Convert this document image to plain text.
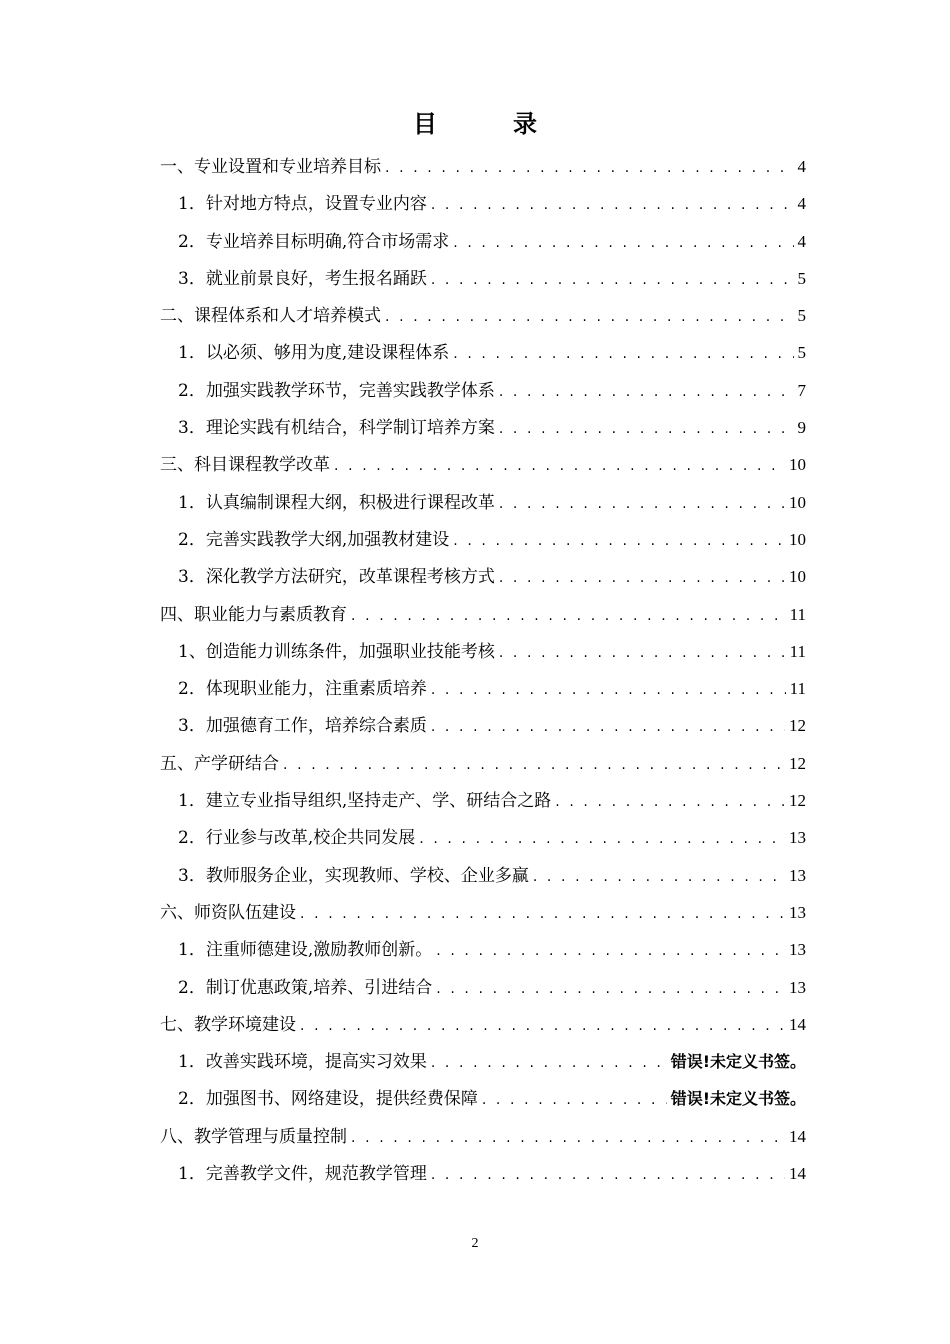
目　录
一、专业设置和专业培养目标 . . .	4
1．针对地方特点，设置专业内容 . . .	4
2．专业培养目标明确,符合市场需求 . . .	4
3．就业前景良好，考生报名踊跃 . . .	5
二、课程体系和人才培养模式 . . .	5
1．以必须、够用为度,建设课程体系 . . .	5
2．加强实践教学环节，完善实践教学体系 . . .	7
3．理论实践有机结合，科学制订培养方案 . . .	9
三、科目课程教学改革 . . .	10
1．认真编制课程大纲，积极进行课程改革 . . .	10
2．完善实践教学大纲,加强教材建设 . . .	10
3．深化教学方法研究，改革课程考核方式 . . .	10
四、职业能力与素质教育 . . .	11
1、创造能力训练条件，加强职业技能考核 . . .	11
2．体现职业能力，注重素质培养 . . .	11
3．加强德育工作，培养综合素质 . . .	12
五、产学研结合 . . .	12
1．建立专业指导组织,坚持走产、学、研结合之路 . . .	12
2．行业参与改革,校企共同发展 . . .	13
3．教师服务企业，实现教师、学校、企业多赢 . . .	13
六、师资队伍建设 . . .	13
1．注重师德建设,激励教师创新。 . . .	13
2．制订优惠政策,培养、引进结合 . . .	13
七、教学环境建设 . . .	14
1．改善实践环境，提高实习效果 . . .	错误!未定义书签。
2．加强图书、网络建设，提供经费保障 . . .	错误!未定义书签。
八、教学管理与质量控制 . . .	14
1．完善教学文件，规范教学管理 . . .	14
2
